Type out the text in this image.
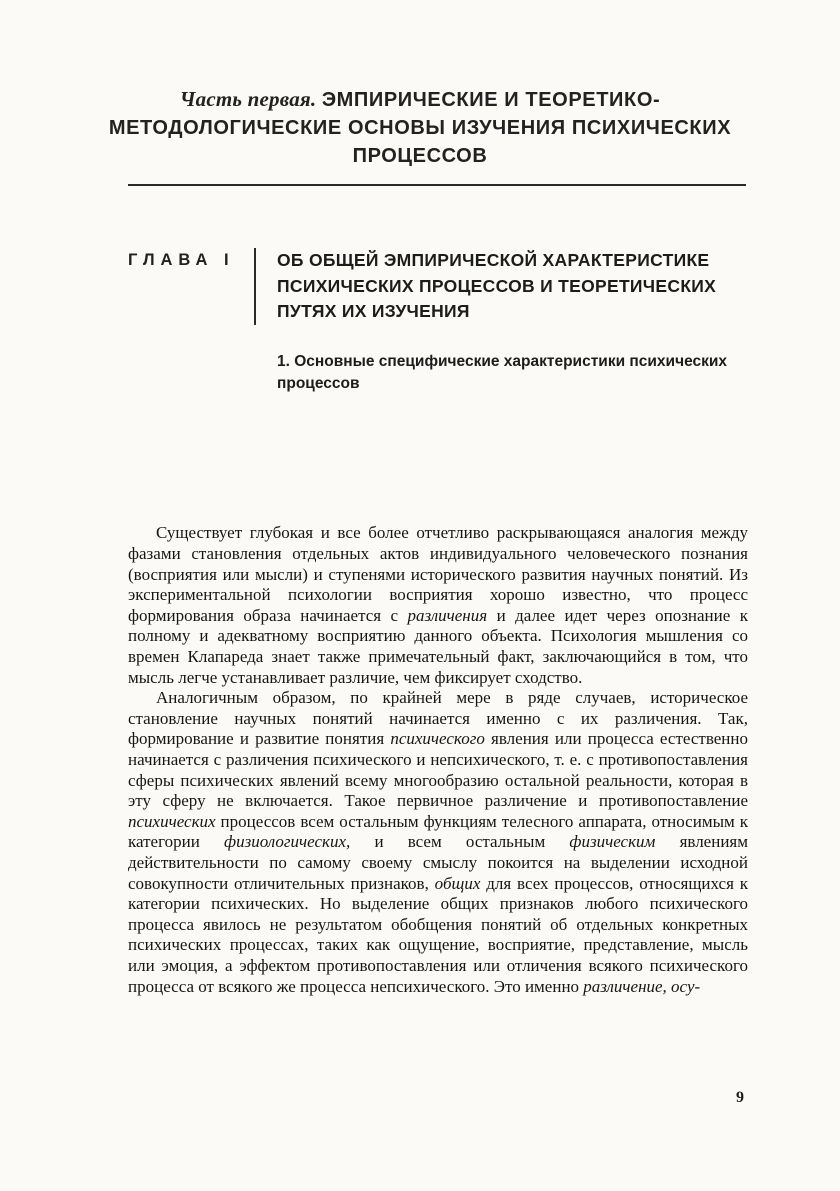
Часть первая. ЭМПИРИЧЕСКИЕ И ТЕОРЕТИКО-МЕТОДОЛОГИЧЕСКИЕ ОСНОВЫ ИЗУЧЕНИЯ ПСИХИЧЕСКИХ ПРОЦЕССОВ
ГЛАВА I	ОБ ОБЩЕЙ ЭМПИРИЧЕСКОЙ ХАРАКТЕРИСТИКЕ ПСИХИЧЕСКИХ ПРОЦЕССОВ И ТЕОРЕТИЧЕСКИХ ПУТЯХ ИХ ИЗУЧЕНИЯ
1. Основные специфические характеристики психических процессов

Существует глубокая и все более отчетливо раскрывающаяся аналогия между фазами становления отдельных актов индивидуального человеческого познания (восприятия или мысли) и ступенями исторического развития научных понятий. Из экспериментальной психологии восприятия хорошо известно, что процесс формирования образа начинается с различения и далее идет через опознание к полному и адекватному восприятию данного объекта. Психология мышления со времен Клапареда знает также примечательный факт, заключающийся в том, что мысль легче устанавливает различие, чем фиксирует сходство.

Аналогичным образом, по крайней мере в ряде случаев, историческое становление научных понятий начинается именно с их различения. Так, формирование и развитие понятия психического явления или процесса естественно начинается с различения психического и непсихического, т. е. с противопоставления сферы психических явлений всему многообразию остальной реальности, которая в эту сферу не включается. Такое первичное различение и противопоставление психических процессов всем остальным функциям телесного аппарата, относимым к категории физиологических, и всем остальным физическим явлениям действительности по самому своему смыслу покоится на выделении исходной совокупности отличительных признаков, общих для всех процессов, относящихся к категории психических. Но выделение общих признаков любого психического процесса явилось не результатом обобщения понятий об отдельных конкретных психических процессах, таких как ощущение, восприятие, представление, мысль или эмоция, а эффектом противопоставления или отличения всякого психического процесса от всякого же процесса непсихического. Это именно различение, осу-

9
